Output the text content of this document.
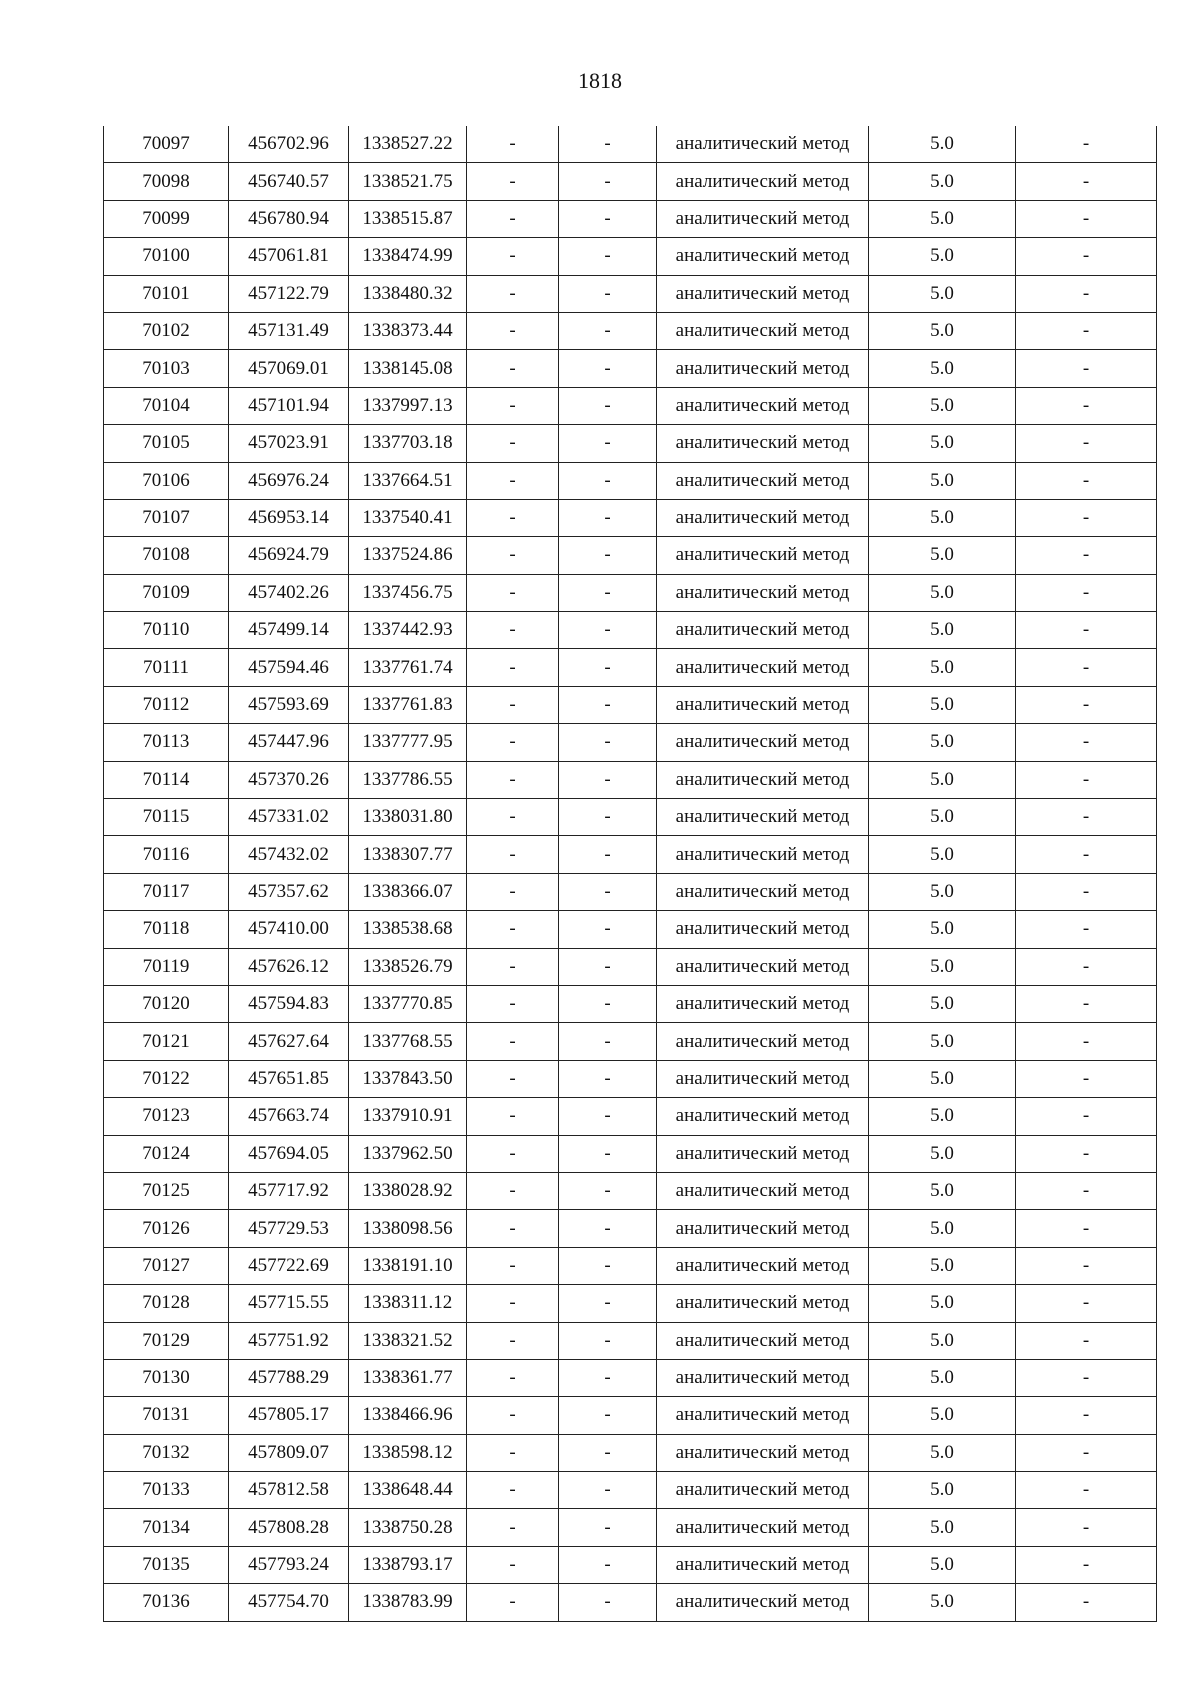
1818
70097	456702.96	1338527.22	-	-	аналитический метод	5.0	-
70098	456740.57	1338521.75	-	-	аналитический метод	5.0	-
70099	456780.94	1338515.87	-	-	аналитический метод	5.0	-
70100	457061.81	1338474.99	-	-	аналитический метод	5.0	-
70101	457122.79	1338480.32	-	-	аналитический метод	5.0	-
70102	457131.49	1338373.44	-	-	аналитический метод	5.0	-
70103	457069.01	1338145.08	-	-	аналитический метод	5.0	-
70104	457101.94	1337997.13	-	-	аналитический метод	5.0	-
70105	457023.91	1337703.18	-	-	аналитический метод	5.0	-
70106	456976.24	1337664.51	-	-	аналитический метод	5.0	-
70107	456953.14	1337540.41	-	-	аналитический метод	5.0	-
70108	456924.79	1337524.86	-	-	аналитический метод	5.0	-
70109	457402.26	1337456.75	-	-	аналитический метод	5.0	-
70110	457499.14	1337442.93	-	-	аналитический метод	5.0	-
70111	457594.46	1337761.74	-	-	аналитический метод	5.0	-
70112	457593.69	1337761.83	-	-	аналитический метод	5.0	-
70113	457447.96	1337777.95	-	-	аналитический метод	5.0	-
70114	457370.26	1337786.55	-	-	аналитический метод	5.0	-
70115	457331.02	1338031.80	-	-	аналитический метод	5.0	-
70116	457432.02	1338307.77	-	-	аналитический метод	5.0	-
70117	457357.62	1338366.07	-	-	аналитический метод	5.0	-
70118	457410.00	1338538.68	-	-	аналитический метод	5.0	-
70119	457626.12	1338526.79	-	-	аналитический метод	5.0	-
70120	457594.83	1337770.85	-	-	аналитический метод	5.0	-
70121	457627.64	1337768.55	-	-	аналитический метод	5.0	-
70122	457651.85	1337843.50	-	-	аналитический метод	5.0	-
70123	457663.74	1337910.91	-	-	аналитический метод	5.0	-
70124	457694.05	1337962.50	-	-	аналитический метод	5.0	-
70125	457717.92	1338028.92	-	-	аналитический метод	5.0	-
70126	457729.53	1338098.56	-	-	аналитический метод	5.0	-
70127	457722.69	1338191.10	-	-	аналитический метод	5.0	-
70128	457715.55	1338311.12	-	-	аналитический метод	5.0	-
70129	457751.92	1338321.52	-	-	аналитический метод	5.0	-
70130	457788.29	1338361.77	-	-	аналитический метод	5.0	-
70131	457805.17	1338466.96	-	-	аналитический метод	5.0	-
70132	457809.07	1338598.12	-	-	аналитический метод	5.0	-
70133	457812.58	1338648.44	-	-	аналитический метод	5.0	-
70134	457808.28	1338750.28	-	-	аналитический метод	5.0	-
70135	457793.24	1338793.17	-	-	аналитический метод	5.0	-
70136	457754.70	1338783.99	-	-	аналитический метод	5.0	-
